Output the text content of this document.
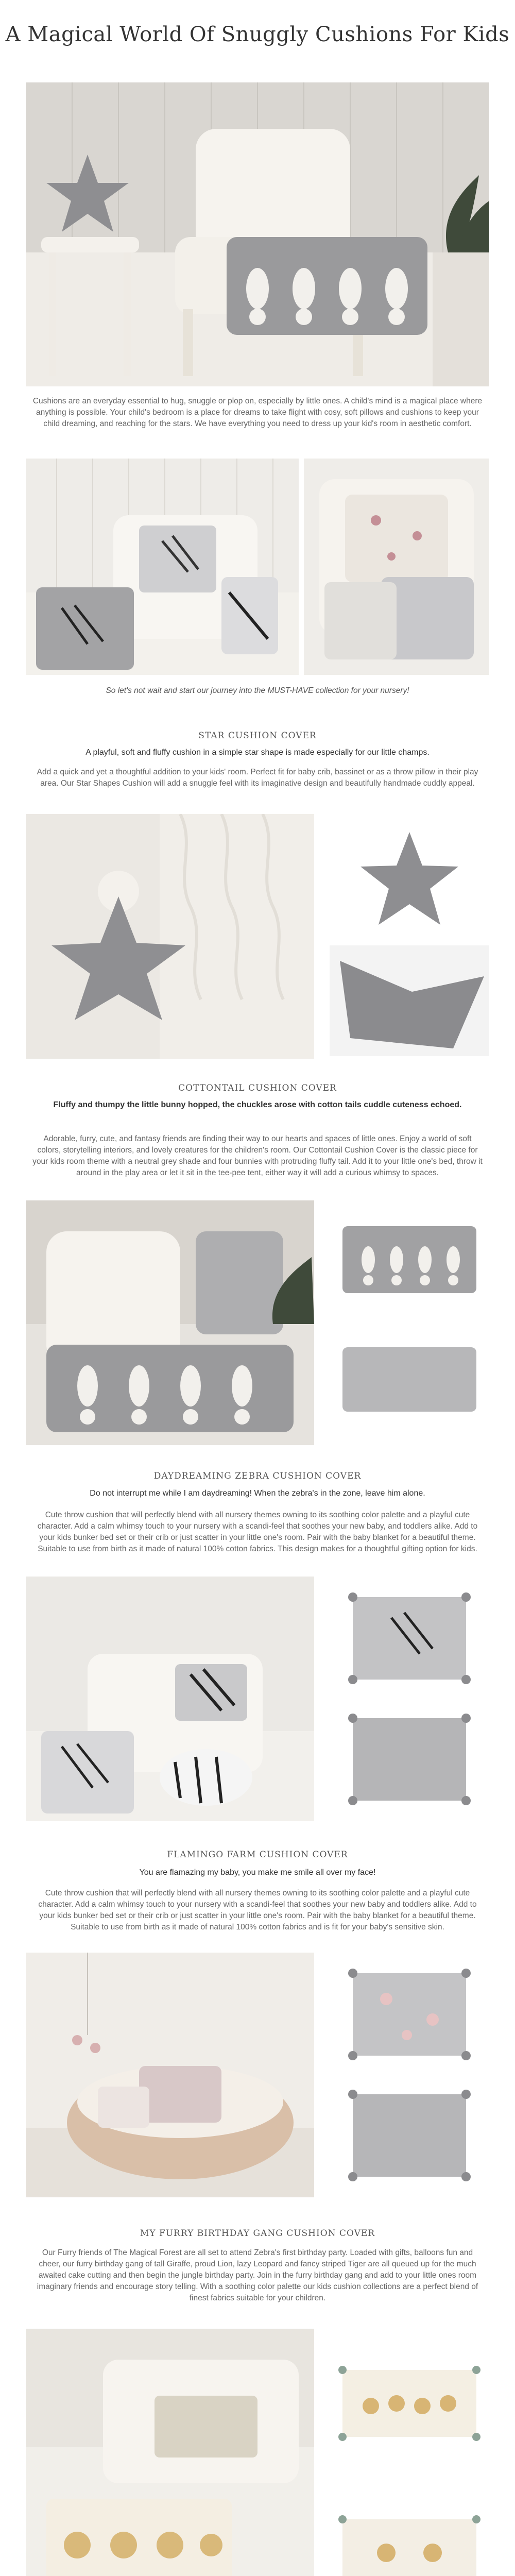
A Magical World Of Snuggly Cushions For Kids
Cushions are an everyday essential to hug, snuggle or plop on, especially by little ones. A child's mind is a magical place where anything is possible. Your child's bedroom is a place for dreams to take flight with cosy, soft pillows and cushions to keep your child dreaming, and reaching for the stars. We have everything you need to dress up your kid's room in aesthetic comfort.
So let's not wait and start our journey into the MUST-HAVE collection for your nursery!
STAR CUSHION COVER
A playful, soft and fluffy cushion in a simple star shape is made especially for our little champs.
Add a quick and yet a thoughtful addition to your kids' room. Perfect fit for baby crib, bassinet or as a throw pillow in their play area. Our Star Shapes Cushion will add a snuggle feel with its imaginative design and beautifully handmade cuddly appeal.
COTTONTAIL CUSHION COVER
Fluffy and thumpy the little bunny hopped, the chuckles arose with cotton tails cuddle cuteness echoed.
Adorable, furry, cute, and fantasy friends are finding their way to our hearts and spaces of little ones. Enjoy a world of soft colors, storytelling interiors, and lovely creatures for the children's room. Our Cottontail Cushion Cover is the classic piece for your kids room theme with a neutral grey shade and four bunnies with protruding fluffy tail. Add it to your little one's bed, throw it around in the play area or let it sit in the tee-pee tent, either way it will add a curious whimsy to spaces.
DAYDREAMING ZEBRA CUSHION COVER
Do not interrupt me while I am daydreaming! When the zebra's in the zone, leave him alone.
Cute throw cushion that will perfectly blend with all nursery themes owning to its soothing color palette and a playful cute character. Add a calm whimsy touch to your nursery with a scandi-feel that soothes your new baby, and toddlers alike. Add to your kids bunker bed set or their crib or just scatter in your little one's room. Pair with the baby blanket for a beautiful theme. Suitable to use from birth as it made of natural 100% cotton fabrics. This design makes for a thoughtful gifting option for kids.
FLAMINGO FARM CUSHION COVER
You are flamazing my baby, you make me smile all over my face!
Cute throw cushion that will perfectly blend with all nursery themes owning to its soothing color palette and a playful cute character. Add a calm whimsy touch to your nursery with a scandi-feel that soothes your new baby and toddlers alike. Add to your kids bunker bed set or their crib or just scatter in your little one's room. Pair with the baby blanket for a beautiful theme. Suitable to use from birth as it made of natural 100% cotton fabrics and is fit for your baby's sensitive skin.
MY FURRY BIRTHDAY GANG CUSHION COVER
Our Furry friends of The Magical Forest are all set to attend Zebra's first birthday party. Loaded with gifts, balloons fun and cheer, our furry birthday gang of tall Giraffe, proud Lion, lazy Leopard and fancy striped Tiger are all queued up for the much awaited cake cutting and then begin the jungle birthday party. Join in the furry birthday gang and add to your little ones room imaginary friends and encourage story telling. With a soothing color palette our kids cushion collections are a perfect blend of finest fabrics suitable for your children.
